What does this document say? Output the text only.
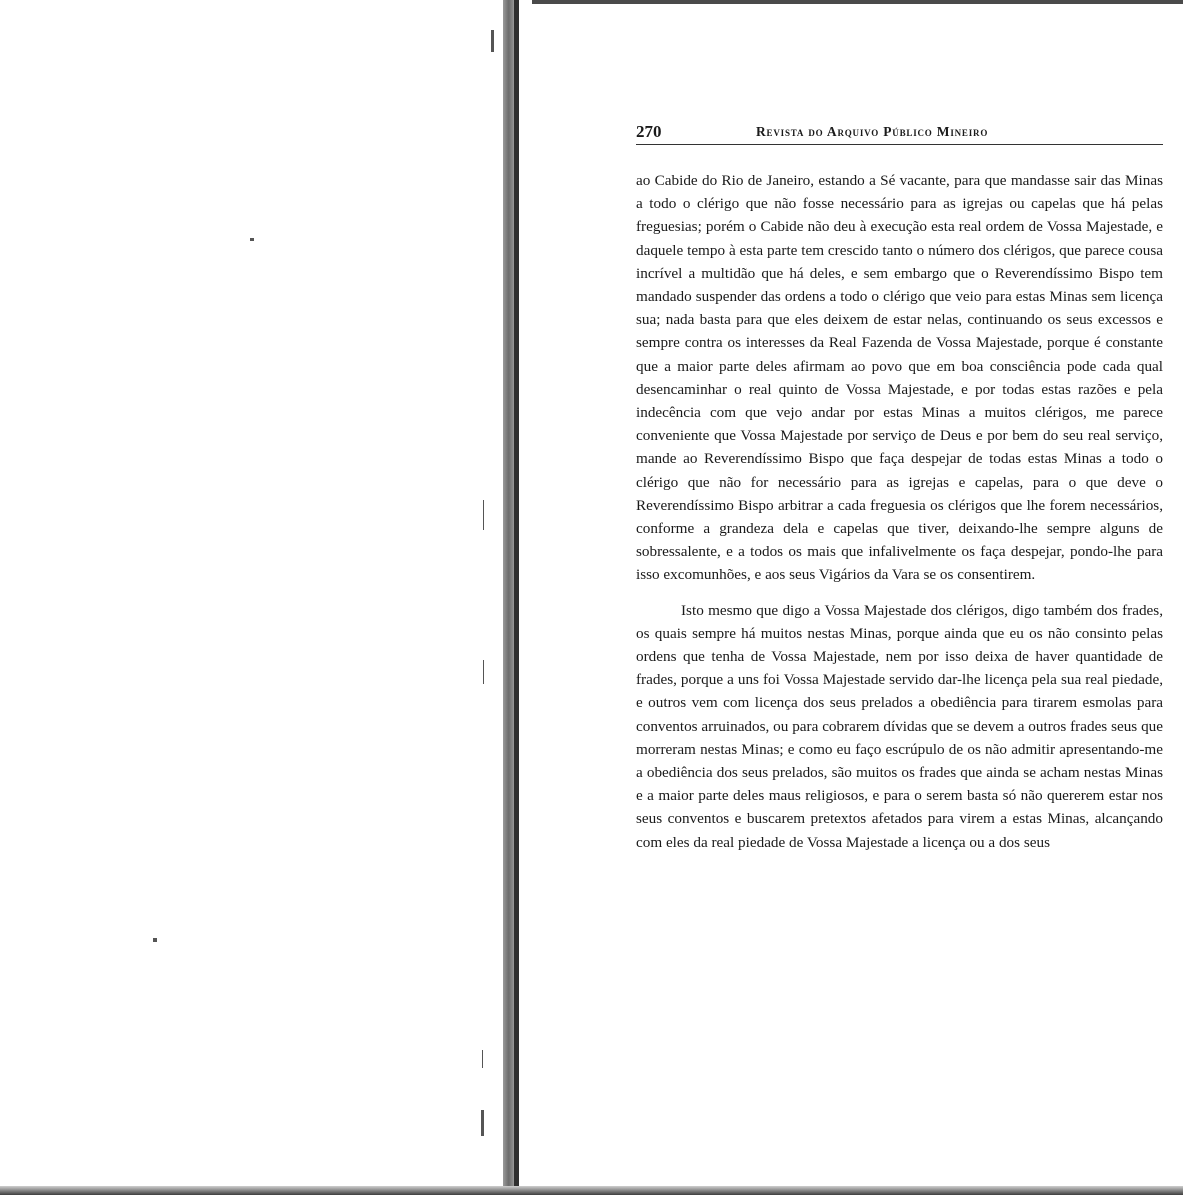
270	Revista do Arquivo Público Mineiro

ao Cabide do Rio de Janeiro, estando a Sé vacante, para que mandasse sair das Minas a todo o clérigo que não fosse necessário para as igrejas ou capelas que há pelas freguesias; porém o Cabide não deu à execução esta real ordem de Vossa Majestade, e daquele tempo à esta parte tem crescido tanto o número dos clérigos, que parece cousa incrível a multidão que há deles, e sem embargo que o Reverendíssimo Bispo tem mandado suspender das ordens a todo o clérigo que veio para estas Minas sem licença sua; nada basta para que eles deixem de estar nelas, continuando os seus excessos e sempre contra os interesses da Real Fazenda de Vossa Majestade, porque é constante que a maior parte deles afirmam ao povo que em boa consciência pode cada qual desencaminhar o real quinto de Vossa Majestade, e por todas estas razões e pela indecência com que vejo andar por estas Minas a muitos clérigos, me parece conveniente que Vossa Majestade por serviço de Deus e por bem do seu real serviço, mande ao Reverendíssimo Bispo que faça despejar de todas estas Minas a todo o clérigo que não for necessário para as igrejas e capelas, para o que deve o Reverendíssimo Bispo arbitrar a cada freguesia os clérigos que lhe forem necessários, conforme a grandeza dela e capelas que tiver, deixando-lhe sempre alguns de sobressalente, e a todos os mais que infalivelmente os faça despejar, pondo-lhe para isso excomunhões, e aos seus Vigários da Vara se os consentirem.

Isto mesmo que digo a Vossa Majestade dos clérigos, digo também dos frades, os quais sempre há muitos nestas Minas, porque ainda que eu os não consinto pelas ordens que tenha de Vossa Majestade, nem por isso deixa de haver quantidade de frades, porque a uns foi Vossa Majestade servido dar-lhe licença pela sua real piedade, e outros vem com licença dos seus prelados a obediência para tirarem esmolas para conventos arruinados, ou para cobrarem dívidas que se devem a outros frades seus que morreram nestas Minas; e como eu faço escrúpulo de os não admitir apresentando-me a obediência dos seus prelados, são muitos os frades que ainda se acham nestas Minas e a maior parte deles maus religiosos, e para o serem basta só não quererem estar nos seus conventos e buscarem pretextos afetados para virem a estas Minas, alcançando com eles da real piedade de Vossa Majestade a licença ou a dos seus
